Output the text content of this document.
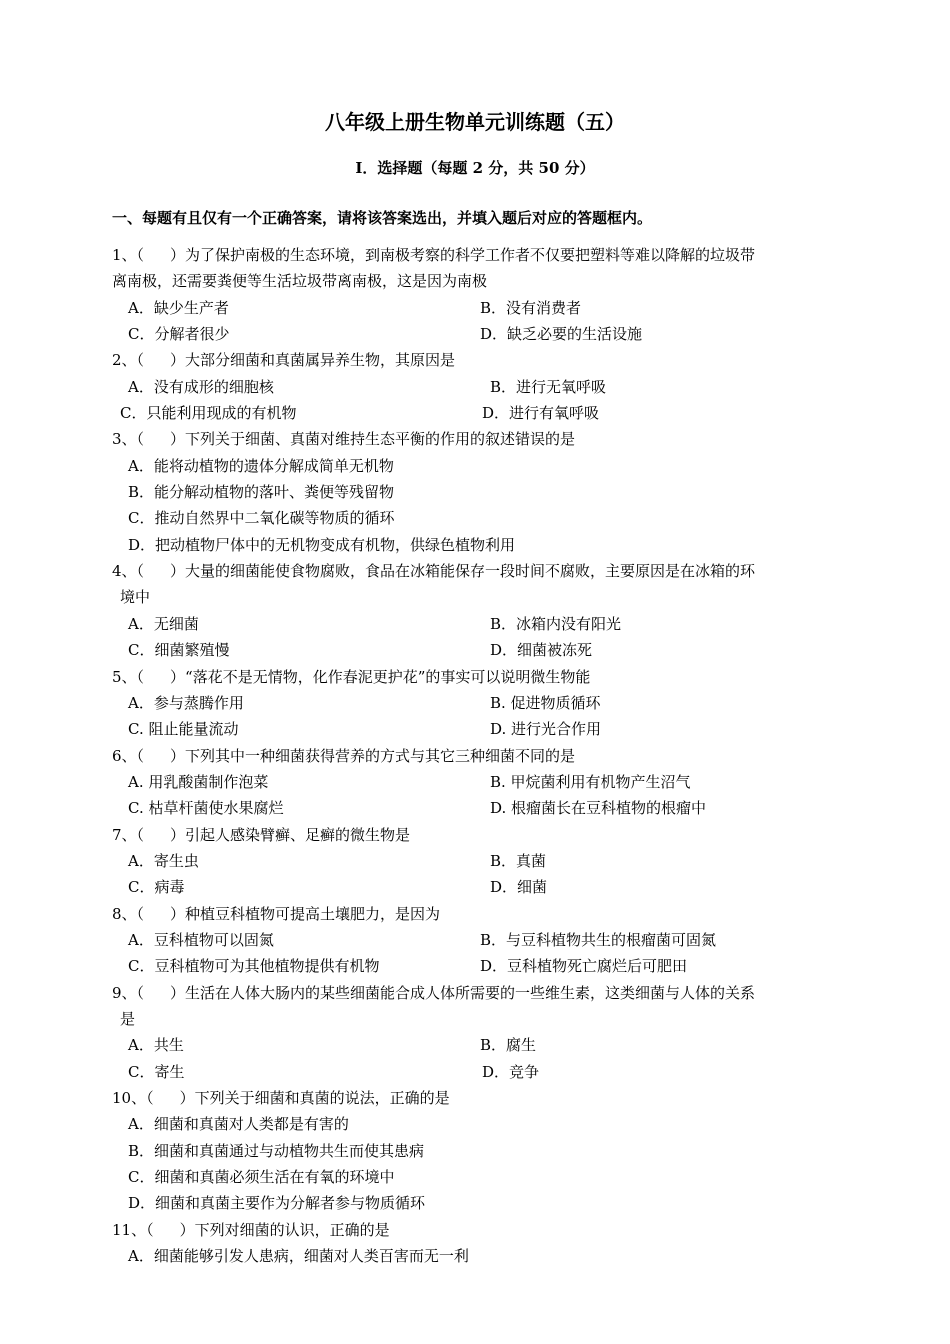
八年级上册生物单元训练题（五）
Ⅰ．选择题（每题 2 分，共 50 分）
一、每题有且仅有一个正确答案，请将该答案选出，并填入题后对应的答题框内。
1、（ ）为了保护南极的生态环境，到南极考察的科学工作者不仅要把塑料等难以降解的垃圾带
离南极，还需要粪便等生活垃圾带离南极，这是因为南极
A．缺少生产者	B．没有消费者
C．分解者很少	D．缺乏必要的生活设施
2、（ ）大部分细菌和真菌属异养生物，其原因是
A．没有成形的细胞核	B．进行无氧呼吸
C．只能利用现成的有机物	D．进行有氧呼吸
3、（ ）下列关于细菌、真菌对维持生态平衡的作用的叙述错误的是
A．能将动植物的遗体分解成简单无机物
B．能分解动植物的落叶、粪便等残留物
C．推动自然界中二氧化碳等物质的循环
D．把动植物尸体中的无机物变成有机物，供绿色植物利用
4、（ ）大量的细菌能使食物腐败，食品在冰箱能保存一段时间不腐败，主要原因是在冰箱的环
境中
A．无细菌	B．冰箱内没有阳光
C．细菌繁殖慢	D．细菌被冻死
5、（ ）“落花不是无情物，化作春泥更护花”的事实可以说明微生物能
A．参与蒸腾作用	B. 促进物质循环
C. 阻止能量流动	D. 进行光合作用
6、（ ）下列其中一种细菌获得营养的方式与其它三种细菌不同的是
A. 用乳酸菌制作泡菜	B. 甲烷菌利用有机物产生沼气
C. 枯草杆菌使水果腐烂	D. 根瘤菌长在豆科植物的根瘤中
7、（ ）引起人感染臂癣、足癣的微生物是
A．寄生虫	B．真菌
C．病毒	D．细菌
8、（ ）种植豆科植物可提高土壤肥力，是因为
A．豆科植物可以固氮	B．与豆科植物共生的根瘤菌可固氮
C．豆科植物可为其他植物提供有机物	D．豆科植物死亡腐烂后可肥田
9、（ ）生活在人体大肠内的某些细菌能合成人体所需要的一些维生素，这类细菌与人体的关系
是
A．共生	B．腐生
C．寄生	D．竞争
10、（ ）下列关于细菌和真菌的说法，正确的是
A．细菌和真菌对人类都是有害的
B．细菌和真菌通过与动植物共生而使其患病
C．细菌和真菌必须生活在有氧的环境中
D．细菌和真菌主要作为分解者参与物质循环
11、（ ）下列对细菌的认识，正确的是
A．细菌能够引发人患病，细菌对人类百害而无一利
